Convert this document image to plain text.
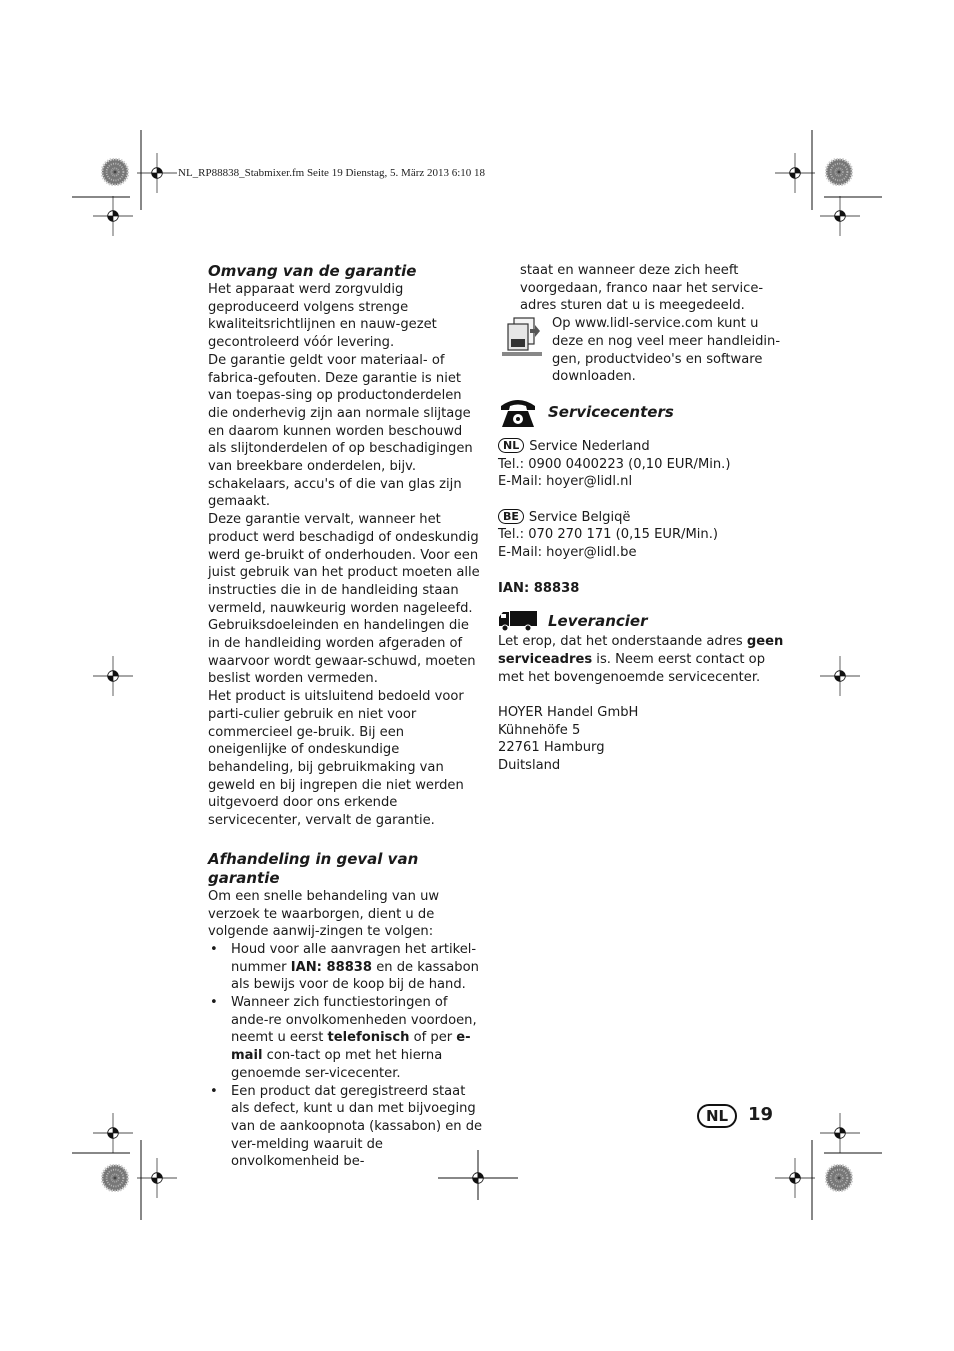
NL_RP88838_Stabmixer.fm Seite 19 Dienstag, 5. März 2013 6:10 18
Omvang van de garantie

Het apparaat werd zorgvuldig geproduceerd volgens strenge kwaliteitsrichtlijnen en nauw-gezet gecontroleerd vóór levering.

De garantie geldt voor materiaal- of fabrica-gefouten. Deze garantie is niet van toepas-sing op productonderdelen die onderhevig zijn aan normale slijtage en daarom kunnen worden beschouwd als slijtonderdelen of op beschadigingen van breekbare onderdelen, bijv. schakelaars, accu's of die van glas zijn gemaakt.

Deze garantie vervalt, wanneer het product werd beschadigd of ondeskundig werd ge-bruikt of onderhouden. Voor een juist gebruik van het product moeten alle instructies die in de handleiding staan vermeld, nauwkeurig worden nageleefd. Gebruiksdoeleinden en handelingen die in de handleiding worden afgeraden of waarvoor wordt gewaar-schuwd, moeten beslist worden vermeden.

Het product is uitsluitend bedoeld voor parti-culier gebruik en niet voor commercieel ge-bruik. Bij een oneigenlijke of ondeskundige behandeling, bij gebruikmaking van geweld en bij ingrepen die niet werden uitgevoerd door ons erkende servicecenter, vervalt de garantie.

Afhandeling in geval van garantie

Om een snelle behandeling van uw verzoek te waarborgen, dient u de volgende aanwij-zingen te volgen:

• Houd voor alle aanvragen het artikel-nummer IAN: 88838 en de kassabon als bewijs voor de koop bij de hand.
• Wanneer zich functiestoringen of ande-re onvolkomenheden voordoen, neemt u eerst telefonisch of per e-mail con-tact op met het hierna genoemde ser-vicecenter.
• Een product dat geregistreerd staat als defect, kunt u dan met bijvoeging van de aankoopnota (kassabon) en de ver-melding waaruit de onvolkomenheid be-

staat en wanneer deze zich heeft voorgedaan, franco naar het service-adres sturen dat u is meegedeeld.

Op www.lidl-service.com kunt u deze en nog veel meer handleidin-gen, productvideo's en software downloaden.

Servicecenters

NL Service Nederland

Tel.: 0900 0400223 (0,10 EUR/Min.)

E-Mail: hoyer@lidl.nl

BE Service Belgiqë

Tel.: 070 270 171 (0,15 EUR/Min.)

E-Mail: hoyer@lidl.be

IAN: 88838

Leverancier

Let erop, dat het onderstaande adres geen serviceadres is. Neem eerst contact op met het bovengenoemde servicecenter.

HOYER Handel GmbH

Kühnehöfe 5

22761 Hamburg

Duitsland

NL	19
